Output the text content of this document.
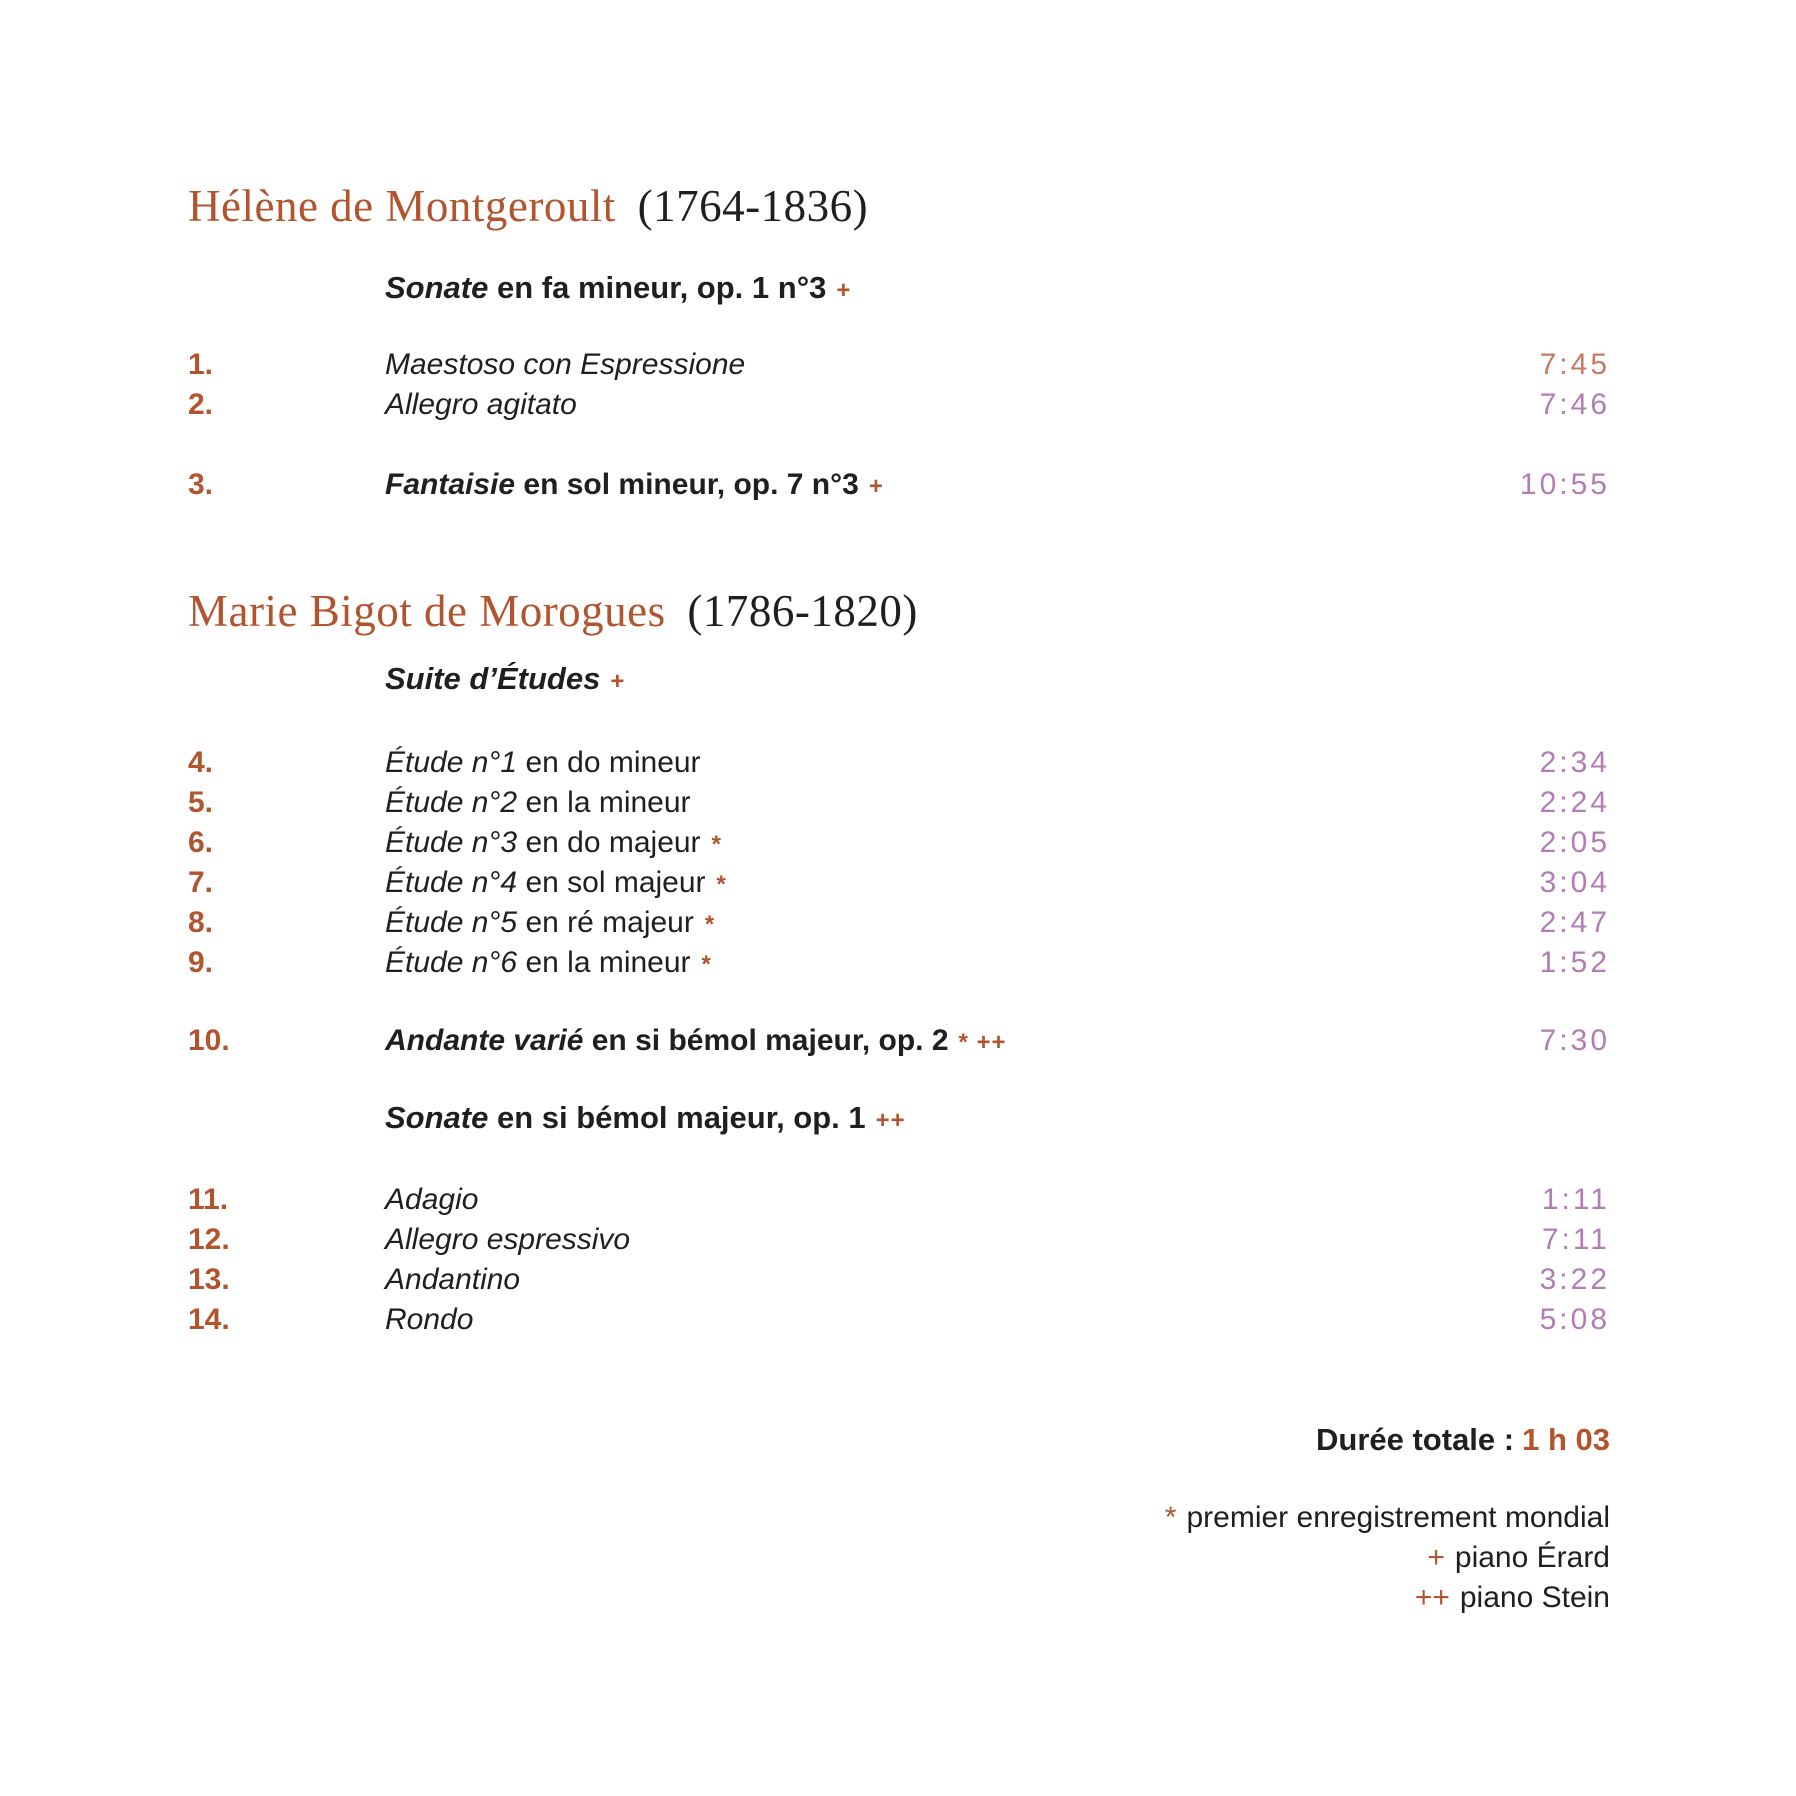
Hélène de Montgeroult (1764-1836)
Sonate en fa mineur, op. 1 n°3 +
1.	Maestoso con Espressione	7:45
2.	Allegro agitato	7:46
3.	Fantaisie en sol mineur, op. 7 n°3 +	10:55
Marie Bigot de Morogues (1786-1820)
Suite d’Études +
4.	Étude n°1 en do mineur	2:34
5.	Étude n°2 en la mineur	2:24
6.	Étude n°3 en do majeur *	2:05
7.	Étude n°4 en sol majeur *	3:04
8.	Étude n°5 en ré majeur *	2:47
9.	Étude n°6 en la mineur *	1:52
10.	Andante varié en si bémol majeur, op. 2 * ++	7:30
Sonate en si bémol majeur, op. 1 ++
11.	Adagio	1:11
12.	Allegro espressivo	7:11
13.	Andantino	3:22
14.	Rondo	5:08
Durée totale : 1 h 03
* premier enregistrement mondial
+ piano Érard
++ piano Stein
